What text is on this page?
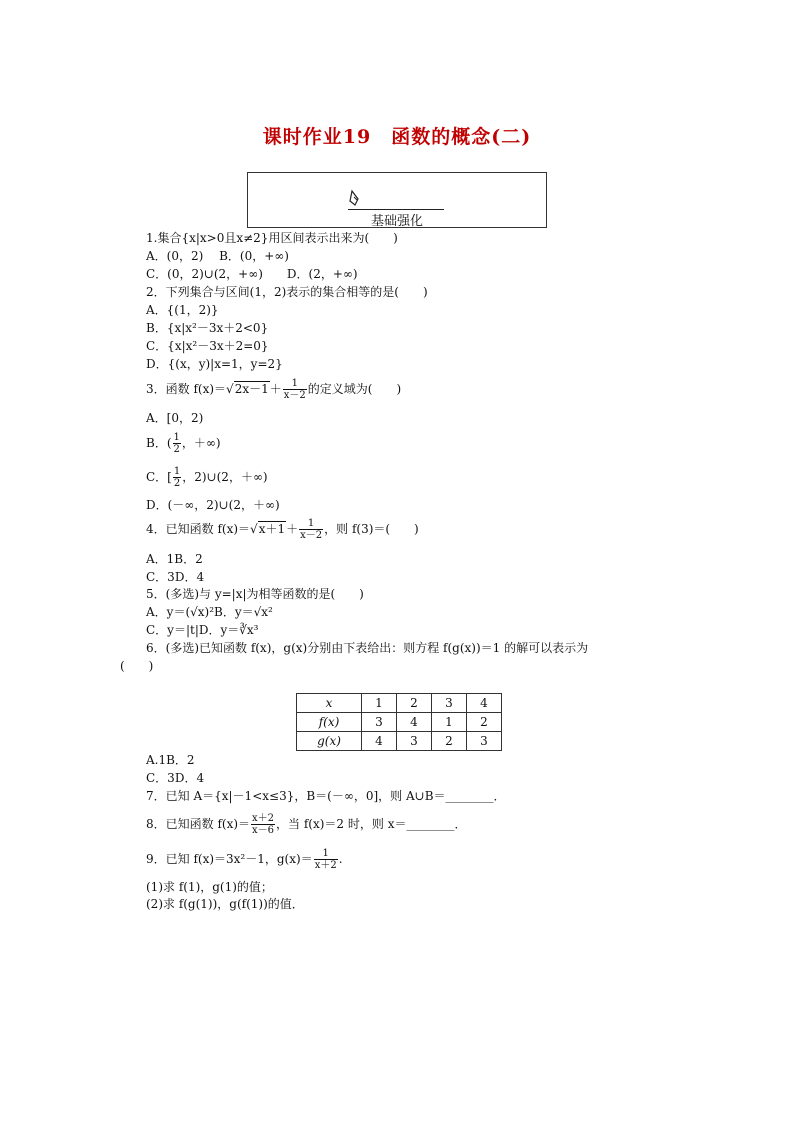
课时作业19　函数的概念(二)
基础强化
1.集合{x|x>0且x≠2}用区间表示出来为(　　)
A．(0，2)　 B．(0，+∞)
C．(0，2)∪(2，+∞)　　D．(2，+∞)
2．下列集合与区间(1，2)表示的集合相等的是(　　)
A．{(1，2)}
B．{x|x²－3x＋2<0}
C．{x|x²－3x＋2=0}
D．{(x，y)|x=1，y=2}
3．函数 $f(x)=√2x-1+ \frac{1}{x-2}$ 的定义域为(　　)
A．[0，2)
B．( $\frac{1}{2}$ ，＋∞)
C．[ $\frac{1}{2}$ ，2)∪(2，＋∞)
D．(－∞，2)∪(2，＋∞)
4．已知函数 $f(x)=√x+1+ \frac{1}{x-2}$ ，则 f(3)＝(　　)
A．1B．2
C．3D．4
5．(多选)与 y=|x|为相等函数的是(　　)
A．y＝(√x)²B．y＝√x²
C．y＝|t|D．y＝∛x³
6．(多选)已知函数 f(x)，g(x)分别由下表给出：则方程 f(g(x))＝1 的解可以表示为
(　　)
x	1	2	3	4
f(x)	3	4	1	2
g(x)	4	3	2	3
A.1B．2
C．3D．4
7．已知 A＝{x|－1<x≤3}，B＝(－∞，0]，则 A∪B＝________．
8．已知函数 $f(x)= \frac{x+2}{x-6}$ ，当 f(x)＝2 时，则 x＝________．
9．已知 f(x)＝3x²－1，$g(x)= \frac{1}{x+2}$ .
(1)求 f(1)，g(1)的值；
(2)求 f(g(1))，g(f(1))的值．
